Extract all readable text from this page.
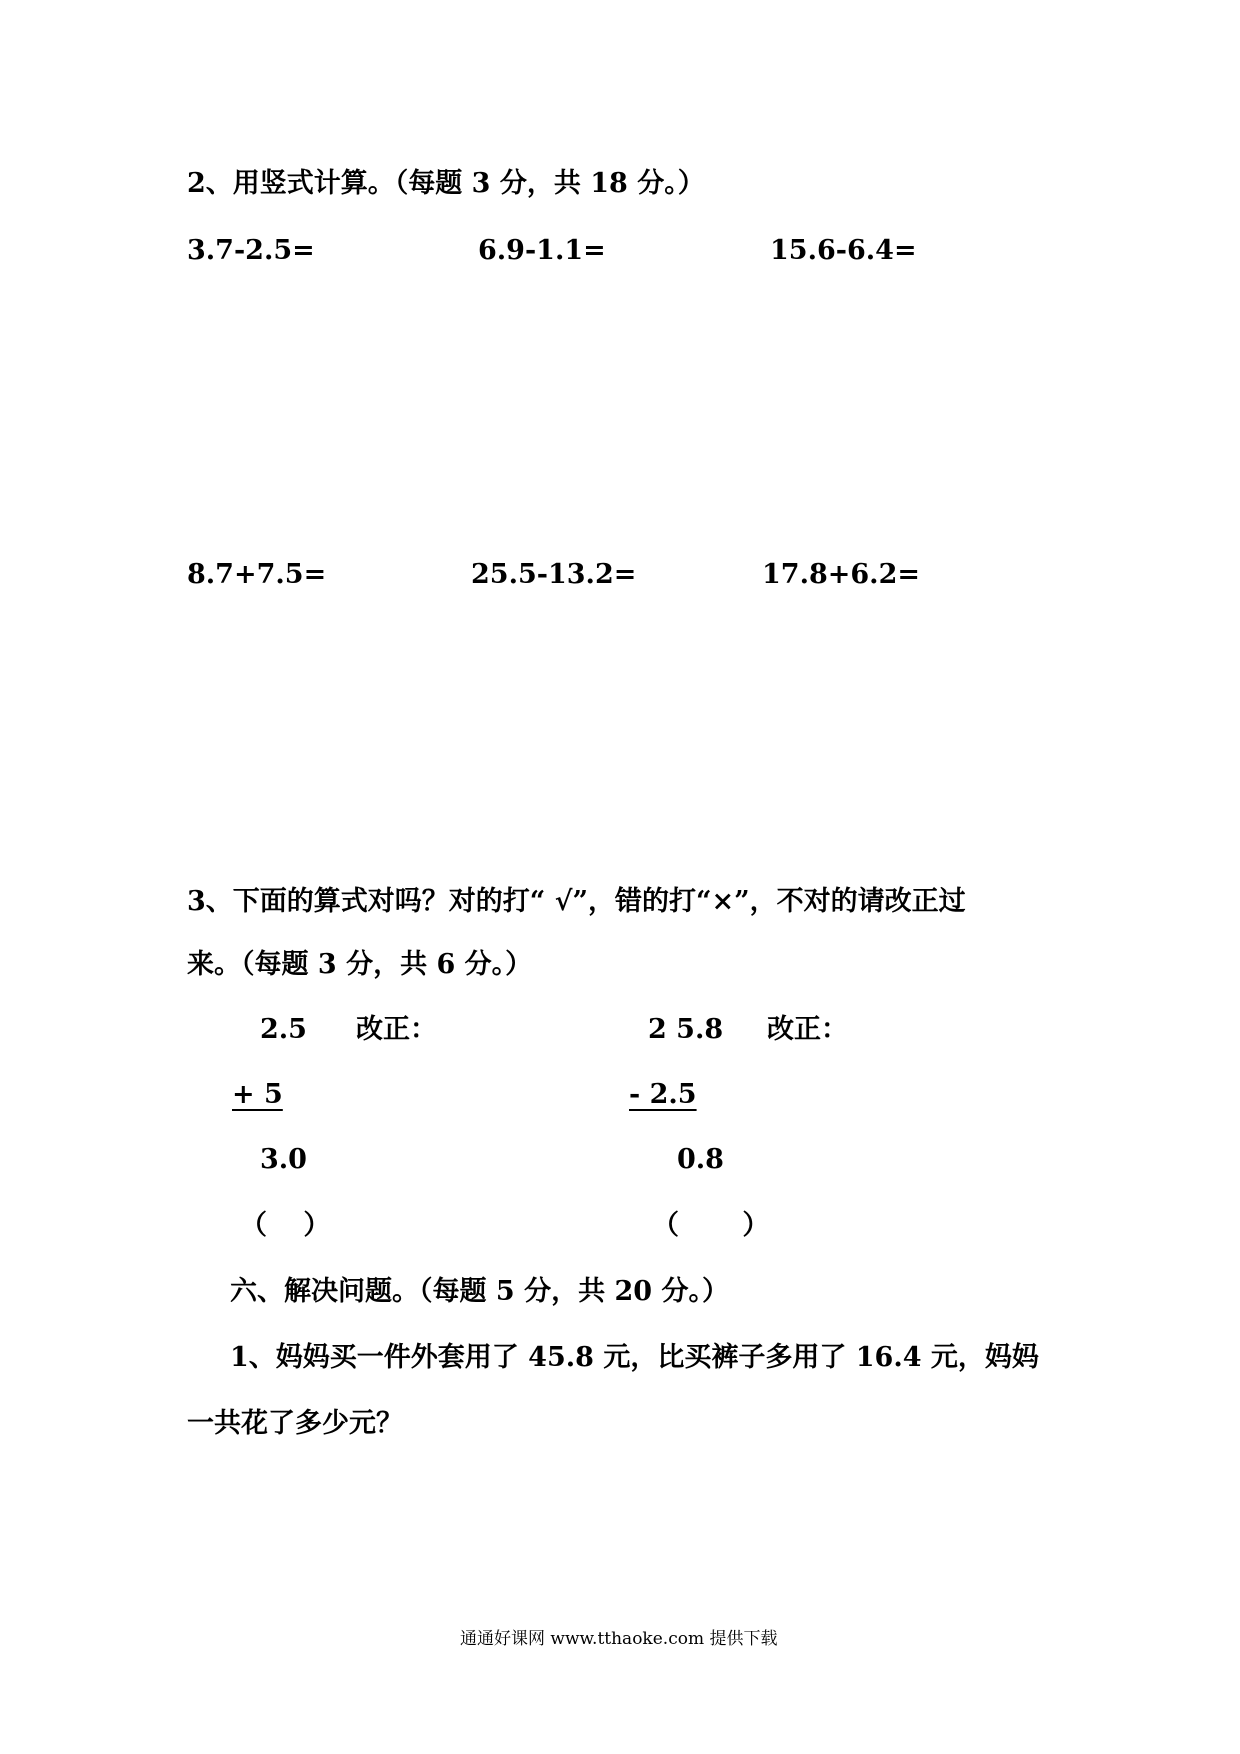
2、用竖式计算。（每题 3 分，共 18 分。）
3.7-2.5=	6.9-1.1=	15.6-6.4=
8.7+7.5=	25.5-13.2=	17.8+6.2=
3、下面的算式对吗？对的打“ √”，错的打“×”，不对的请改正过
来。（每题 3 分，共 6 分。）
2.5 改正：
+ 5
3.0
（　 ）
2 5.8 改正：
- 2.5
0.8
（　　 ）
六、解决问题。（每题 5 分，共 20 分。）
1、妈妈买一件外套用了 45.8 元，比买裤子多用了 16.4 元，妈妈
一共花了多少元？
通通好课网 www.tthaoke.com 提供下载
